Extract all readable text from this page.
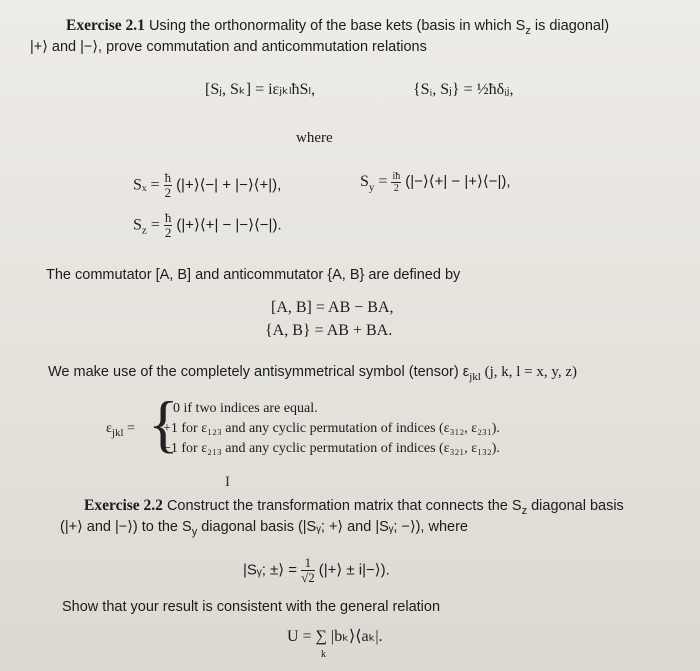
Exercise 2.1 Using the orthonormality of the base kets (basis in which $S_z$ is diagonal)
|+⟩ and |−⟩, prove commutation and anticommutation relations
[Sⱼ, Sₖ] = iεⱼₖₗħSₗ,	{Sᵢ, Sⱼ} = ½ħδᵢⱼ,
where
$S_x = \frac{ħ}{2}$ (|+⟩⟨−| + |−⟩⟨+|),	$S_y = \frac{iħ}{2}$ (|−⟩⟨+| − |+⟩⟨−|),
$S_z = \frac{ħ}{2}$ (|+⟩⟨+| − |−⟩⟨−|).
The commutator [A, B] and anticommutator {A, B} are defined by
[A, B] = AB − BA,
{A, B} = AB + BA.
We make use of the completely antisymmetrical symbol (tensor) $\varepsilon_{jkl}$ (j, k, l = x, y, z)
$\varepsilon_{jkl}$ = {
0 if two indices are equal.
+1 for ε₁₂₃ and any cyclic permutation of indices (ε₃₁₂, ε₂₃₁).
−1 for ε₂₁₃ and any cyclic permutation of indices (ε₃₂₁, ε₁₃₂).
I
Exercise 2.2 Construct the transformation matrix that connects the $S_z$ diagonal basis
(|+⟩ and |−⟩) to the $S_y$ diagonal basis (|Sᵧ; +⟩ and |Sᵧ; −⟩), where
|Sᵧ; ±⟩ = $\frac{1}{√2}$ (|+⟩ ± i|−⟩).
Show that your result is consistent with the general relation
U = ∑ |bₖ⟩⟨aₖ|.
k
